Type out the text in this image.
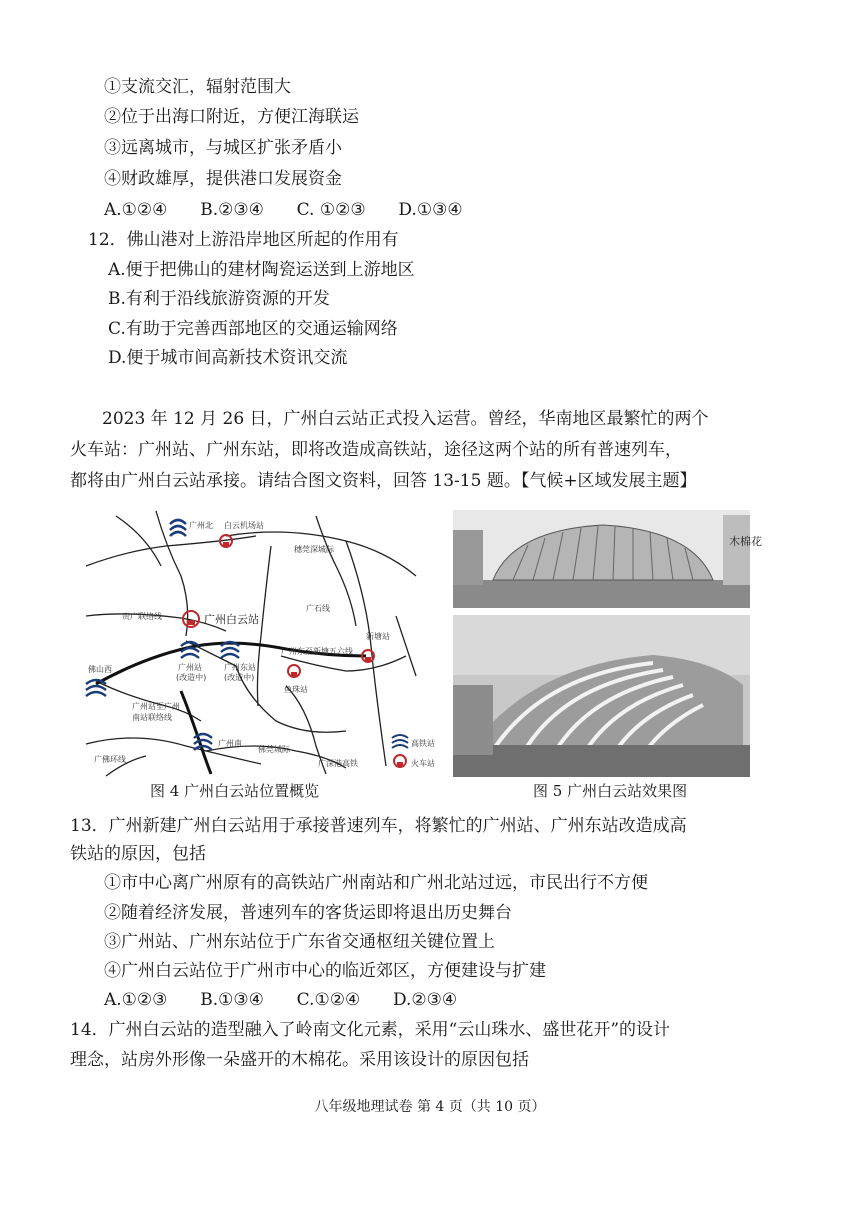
①支流交汇，辐射范围大
②位于出海口附近，方便江海联运
③远离城市，与城区扩张矛盾小
④财政雄厚，提供港口发展资金
A.①②④ B.②③④ C. ①②③ D.①③④
12．佛山港对上游沿岸地区所起的作用有
A.便于把佛山的建材陶瓷运送到上游地区
B.有利于沿线旅游资源的开发
C.有助于完善西部地区的交通运输网络
D.便于城市间高新技术资讯交流
2023 年 12 月 26 日，广州白云站正式投入运营。曾经，华南地区最繁忙的两个
火车站：广州站、广州东站，即将改造成高铁站，途径这两个站的所有普速列车，
都将由广州白云站承接。请结合图文资料，回答 13-15 题。【气候+区域发展主题】
广州北 白云机场站
穗莞深城际
贵广联络线	广州白云站
广石线
新塘站
广州东至新塘五六线
佛山西	广州站
(改造中)
广州东站
(改造中)
鱼珠站
广州站至广州
南站联络线
广州南
佛莞城际
广佛环线	广深港高铁
高铁站
火车站
木棉花
图 4 广州白云站位置概览	图 5 广州白云站效果图
13．广州新建广州白云站用于承接普速列车，将繁忙的广州站、广州东站改造成高
铁站的原因，包括
①市中心离广州原有的高铁站广州南站和广州北站过远，市民出行不方便
②随着经济发展，普速列车的客货运即将退出历史舞台
③广州站、广州东站位于广东省交通枢纽关键位置上
④广州白云站位于广州市中心的临近郊区，方便建设与扩建
A.①②③ B.①③④ C.①②④ D.②③④
14．广州白云站的造型融入了岭南文化元素，采用“云山珠水、盛世花开”的设计
理念，站房外形像一朵盛开的木棉花。采用该设计的原因包括
八年级地理试卷 第 4 页（共 10 页）
